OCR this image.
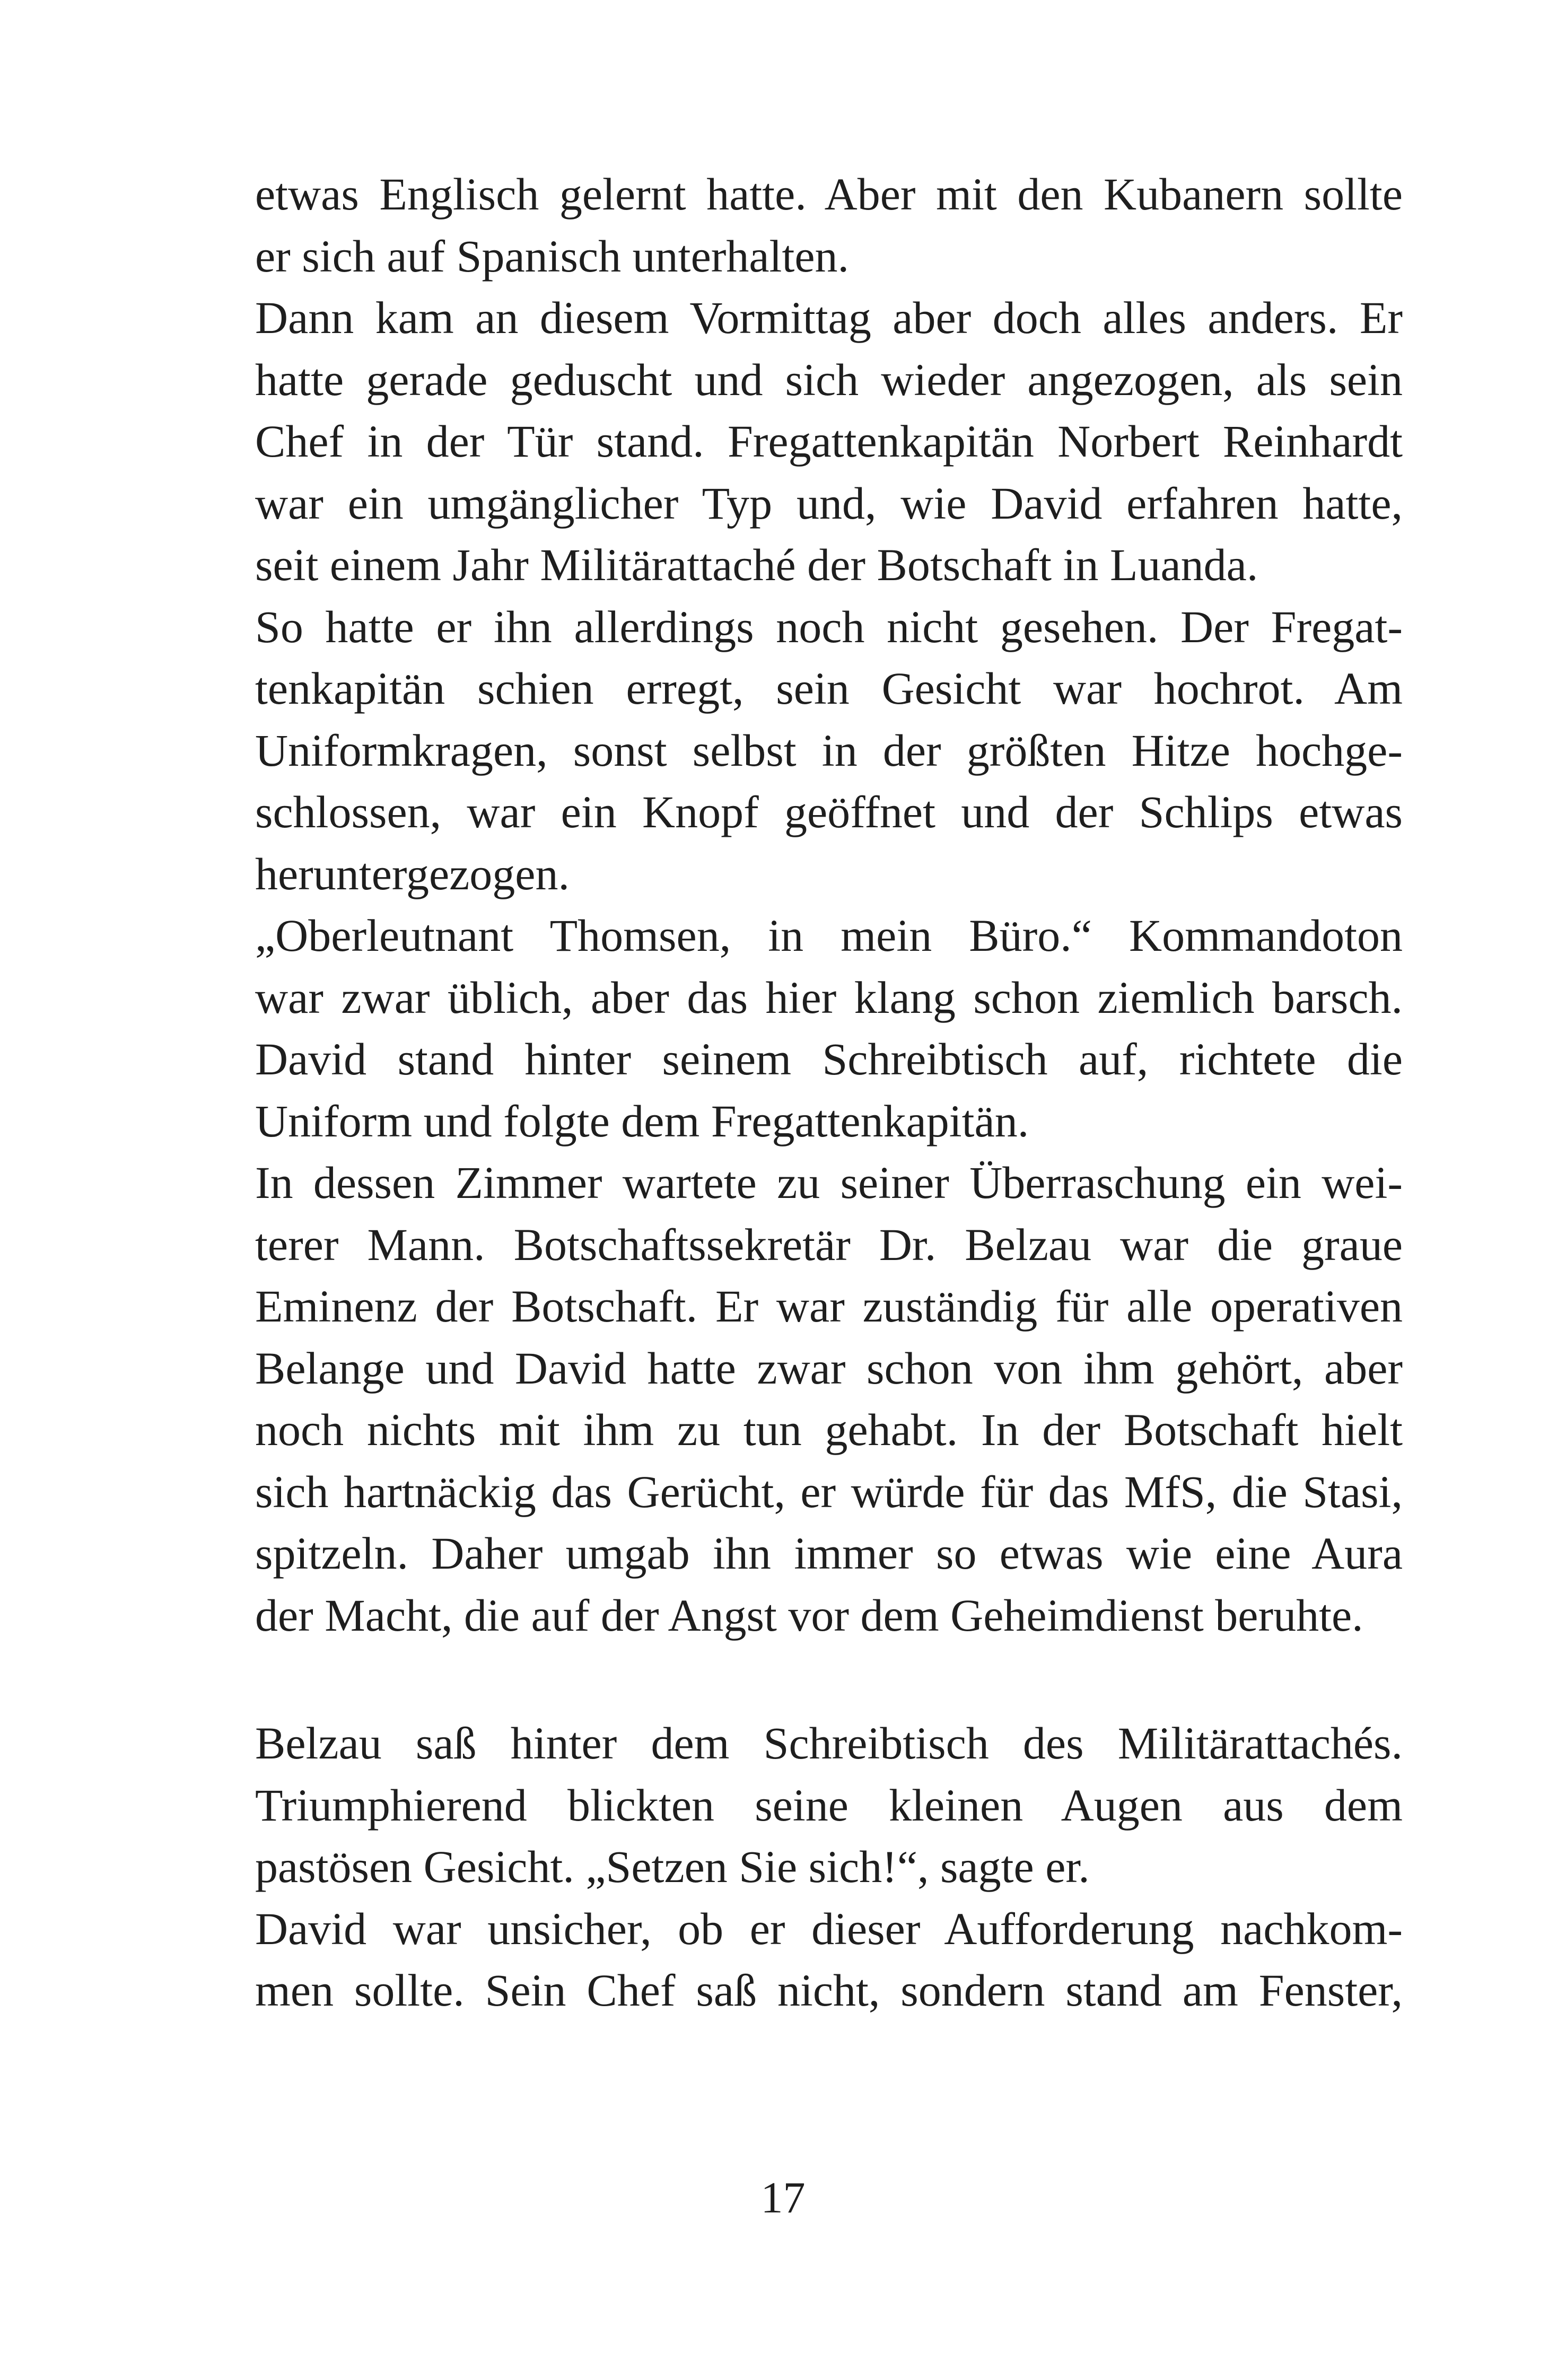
etwas Englisch gelernt hatte. Aber mit den Kubanern sollte
er sich auf Spanisch unterhalten.
Dann kam an diesem Vormittag aber doch alles anders. Er
hatte gerade geduscht und sich wieder angezogen, als sein
Chef in der Tür stand. Fregattenkapitän Norbert Reinhardt
war ein umgänglicher Typ und, wie David erfahren hatte,
seit einem Jahr Militärattaché der Botschaft in Luanda.
So hatte er ihn allerdings noch nicht gesehen. Der Fregat-
tenkapitän schien erregt, sein Gesicht war hochrot. Am
Uniformkragen, sonst selbst in der größten Hitze hochge-
schlossen, war ein Knopf geöffnet und der Schlips etwas
heruntergezogen.
„Oberleutnant Thomsen, in mein Büro.“ Kommandoton
war zwar üblich, aber das hier klang schon ziemlich barsch.
David stand hinter seinem Schreibtisch auf, richtete die
Uniform und folgte dem Fregattenkapitän.
In dessen Zimmer wartete zu seiner Überraschung ein wei-
terer Mann. Botschaftssekretär Dr. Belzau war die graue
Eminenz der Botschaft. Er war zuständig für alle operativen
Belange und David hatte zwar schon von ihm gehört, aber
noch nichts mit ihm zu tun gehabt. In der Botschaft hielt
sich hartnäckig das Gerücht, er würde für das MfS, die Stasi,
spitzeln. Daher umgab ihn immer so etwas wie eine Aura
der Macht, die auf der Angst vor dem Geheimdienst beruhte.
Belzau saß hinter dem Schreibtisch des Militärattachés.
Triumphierend blickten seine kleinen Augen aus dem
pastösen Gesicht. „Setzen Sie sich!“, sagte er.
David war unsicher, ob er dieser Aufforderung nachkom-
men sollte. Sein Chef saß nicht, sondern stand am Fenster,
17
